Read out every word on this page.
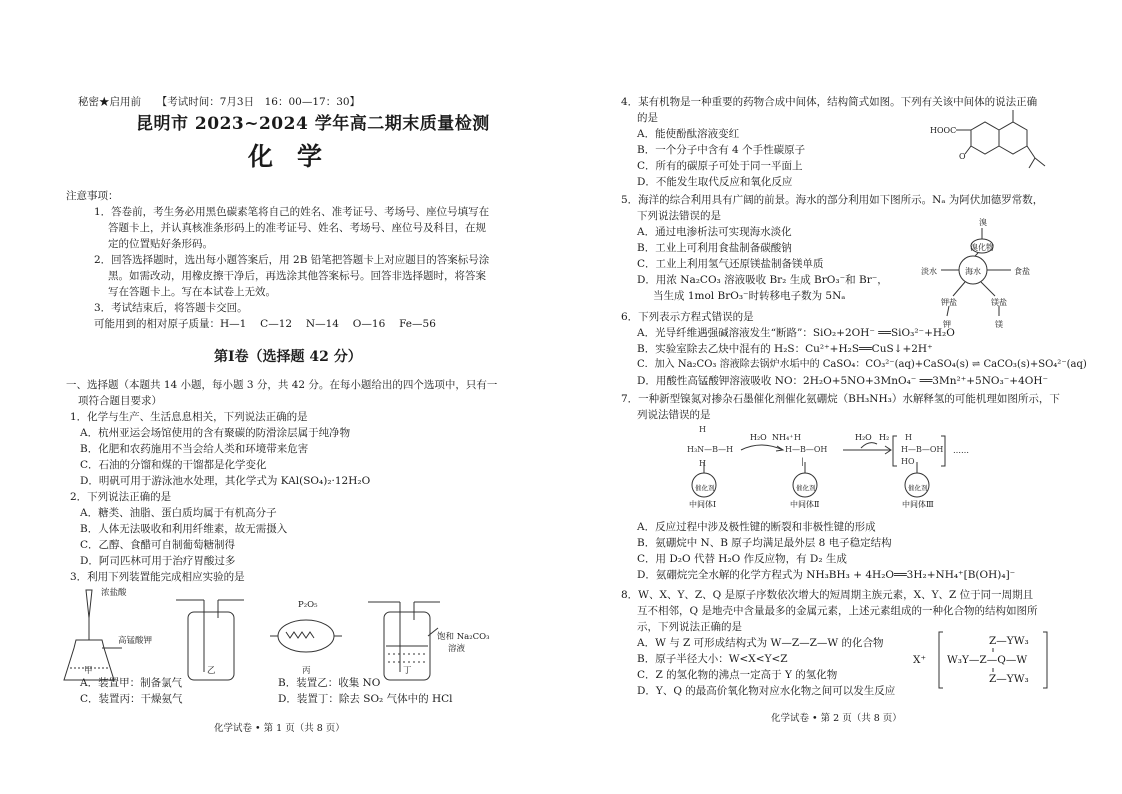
秘密★启用前　　【考试时间：7月3日　16：00—17：30】
昆明市 2023~2024 学年高二期末质量检测
化学
注意事项：
1．答卷前，考生务必用黑色碳素笔将自己的姓名、准考证号、考场号、座位号填写在
答题卡上，并认真核准条形码上的准考证号、姓名、考场号、座位号及科目，在规
定的位置贴好条形码。
2．回答选择题时，选出每小题答案后，用 2B 铅笔把答题卡上对应题目的答案标号涂
黑。如需改动，用橡皮擦干净后，再选涂其他答案标号。回答非选择题时，将答案
写在答题卡上。写在本试卷上无效。
3．考试结束后，将答题卡交回。
可能用到的相对原子质量：H—1　 C—12　 N—14　 O—16　 Fe—56
第Ⅰ卷（选择题 42 分）
一、选择题（本题共 14 小题，每小题 3 分，共 42 分。在每小题给出的四个选项中，只有一
项符合题目要求）
1．化学与生产、生活息息相关，下列说法正确的是
A．杭州亚运会场馆使用的含有聚碳的防滑涂层属于纯净物
B．化肥和农药施用不当会给人类和环境带来危害
C．石油的分馏和煤的干馏都是化学变化
D．明矾可用于游泳池水处理，其化学式为 KAl(SO₄)₂·12H₂O
2．下列说法正确的是
A．糖类、油脂、蛋白质均属于有机高分子
B．人体无法吸收和利用纤维素，故无需摄入
C．乙醇、食醋可自制葡萄糖制得
D．阿司匹林可用于治疗胃酸过多
3．利用下列装置能完成相应实验的是
浓盐酸
高锰酸钾
P₂O₅
饱和 Na₂CO₃
溶液
甲	乙	丙	丁
A．装置甲：制备氯气	B．装置乙：收集 NO
C．装置丙：干燥氨气	D．装置丁：除去 SO₂ 气体中的 HCl
化学试卷 • 第 1 页（共 8 页）
4．某有机物是一种重要的药物合成中间体，结构简式如图。下列有关该中间体的说法正确
的是
A．能使酚酞溶液变红
B．一个分子中含有 4 个手性碳原子
C．所有的碳原子可处于同一平面上
D．不能发生取代反应和氧化反应
HOOC
O
5．海洋的综合利用具有广阔的前景。海水的部分利用如下图所示。Nₐ 为阿伏加德罗常数，
下列说法错误的是
A．通过电渗析法可实现海水淡化
B．工业上可利用食盐制备碳酸钠
C．工业上利用氢气还原镁盐制备镁单质
D．用浓 Na₂CO₃ 溶液吸收 Br₂ 生成 BrO₃⁻和 Br⁻，
当生成 1mol BrO₃⁻时转移电子数为 5Nₐ
溴
溴化物
海水
淡水	食盐
钾盐	镁盐
钾	镁
6．下列表示方程式错误的是
A．光导纤维遇强碱溶液发生“断路”：SiO₂+2OH⁻ ══SiO₃²⁻+H₂O
B．实验室除去乙炔中混有的 H₂S：Cu²⁺+H₂S══CuS↓+2H⁺
C．加入 Na₂CO₃ 溶液除去锅炉水垢中的 CaSO₄：CO₃²⁻(aq)+CaSO₄(s) ⇌ CaCO₃(s)+SO₄²⁻(aq)
D．用酸性高锰酸钾溶液吸收 NO：2H₂O+5NO+3MnO₄⁻ ══3Mn²⁺+5NO₃⁻+4OH⁻
7．一种新型镍氮对掺杂石墨催化剂催化氨硼烷（BH₃NH₃）水解释氢的可能机理如图所示，下
列说法错误的是
H
H₃N—B—H
H
H
H—B—OH
|
H
H—B—OH
HO
H₂O NH₄⁺	H₂O H₂
催化剂	催化剂	催化剂
中间体Ⅰ	中间体Ⅱ	中间体Ⅲ
……
A．反应过程中涉及极性键的断裂和非极性键的形成
B．氨硼烷中 N、B 原子均满足最外层 8 电子稳定结构
C．用 D₂O 代替 H₂O 作反应物，有 D₂ 生成
D．氨硼烷完全水解的化学方程式为 NH₃BH₃ + 4H₂O══3H₂+NH₄⁺[B(OH)₄]⁻
8．W、X、Y、Z、Q 是原子序数依次增大的短周期主族元素，X、Y、Z 位于同一周期且
互不相邻，Q 是地壳中含量最多的金属元素，上述元素组成的一种化合物的结构如图所
示，下列说法正确的是
A．W 与 Z 可形成结构式为 W—Z—Z—W 的化合物
B．原子半径大小：W<X<Y<Z
C．Z 的氢化物的沸点一定高于 Y 的氢化物
D．Y、Q 的最高价氧化物对应水化物之间可以发生反应
X⁺
Z—YW₃
W₃Y—Z—Q—W
Z—YW₃
化学试卷 • 第 2 页（共 8 页）
